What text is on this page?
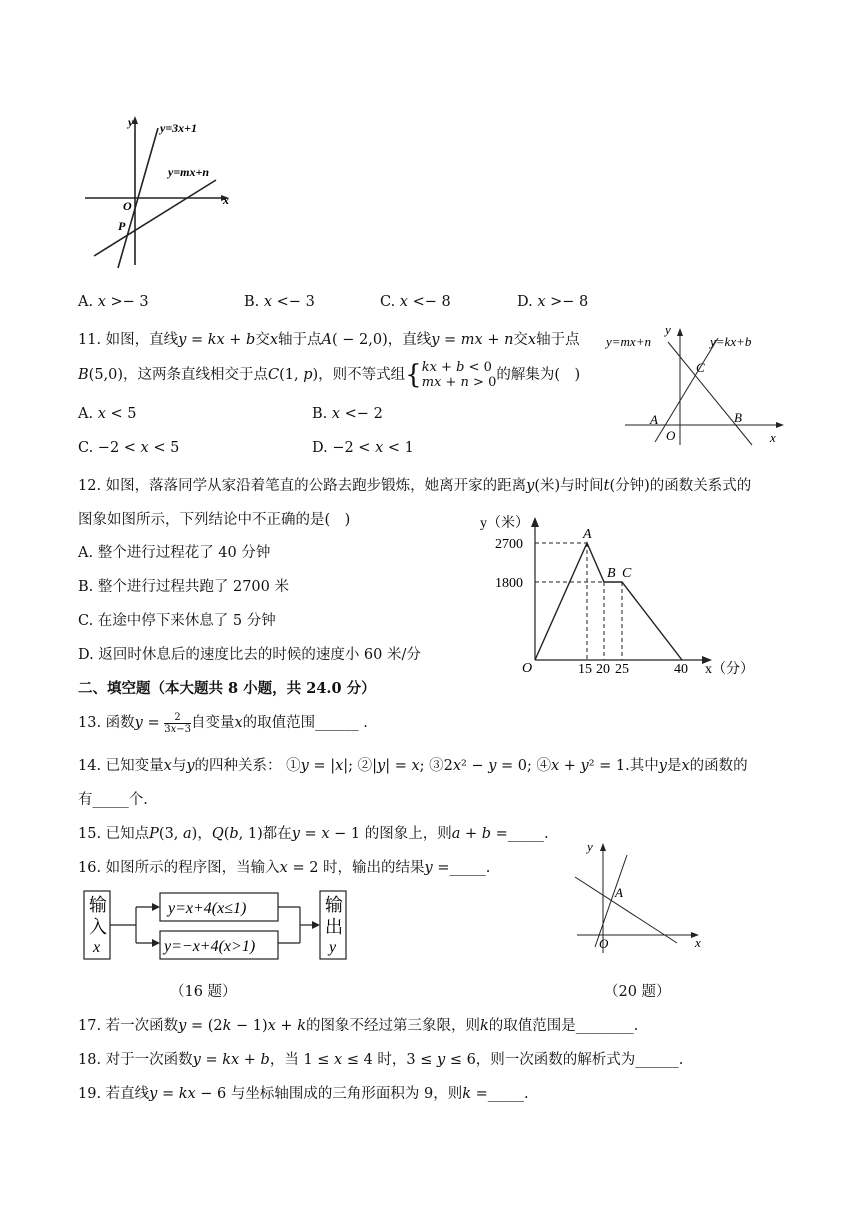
y y=3x+1
y=mx+n
O
P
x
A. 𝑥 >− 3	B. 𝑥 <− 3	C. 𝑥 <− 8	D. 𝑥 >− 8
11. 如图，直线𝑦 = 𝑘𝑥 + 𝑏交𝑥轴于点𝐴( − 2,0)，直线𝑦 = 𝑚𝑥 + 𝑛交𝑥轴于点
𝐵(5,0)，这两条直线相交于点𝐶(1, 𝑝)，则不等式组{ 𝑘𝑥 + 𝑏 < 0
𝑚𝑥 + 𝑛 > 0 的解集为(　)
A. 𝑥 < 5	B. 𝑥 <− 2
C. −2 < 𝑥 < 5	D. −2 < 𝑥 < 1
y=mx+n	y=kx+b
y
C
A
O
B
x
12. 如图，落落同学从家沿着笔直的公路去跑步锻炼，她离开家的距离𝑦(米)与时间𝑡(分钟)的函数关系式的
图象如图所示，下列结论中不正确的是(　)
A. 整个进行过程花了 40 分钟
B. 整个进行过程共跑了 2700 米
C. 在途中停下来休息了 5 分钟
D. 返回时休息后的速度比去的时候的速度小 60 米/分
y（米）
2700
1800
O
A
B C
15 20 25	40 x（分）
二、填空题（本大题共 8 小题，共 24.0 分）
13. 函数𝑦 = $\frac{2}{\text{3𝑥−3}}$ 自变量𝑥的取值范围______ .
14. 已知变量𝑥与𝑦的四种关系： ①𝑦 = |𝑥|; ②|𝑦| = 𝑥; ③2𝑥² − 𝑦 = 0; ④𝑥 + 𝑦² = 1.其中𝑦是𝑥的函数的
有_____个.
15. 已知点𝑃(3, 𝑎)，𝑄(𝑏, 1)都在𝑦 = 𝑥 − 1 的图象上，则𝑎 + 𝑏 =_____.
16. 如图所示的程序图，当输入𝑥 = 2 时，输出的结果𝑦 =_____.
输
入
x
y=x+4(x≤1)
y=−x+4(x>1)
输
出
y
（16 题）
y
A
O	x
（20 题）
17. 若一次函数𝑦 = (2𝑘 − 1)𝑥 + 𝑘的图象不经过第三象限，则𝑘的取值范围是________.
18. 对于一次函数𝑦 = 𝑘𝑥 + 𝑏，当 1 ≤ 𝑥 ≤ 4 时，3 ≤ 𝑦 ≤ 6，则一次函数的解析式为______.
19. 若直线𝑦 = 𝑘𝑥 − 6 与坐标轴围成的三角形面积为 9，则𝑘 =_____.
